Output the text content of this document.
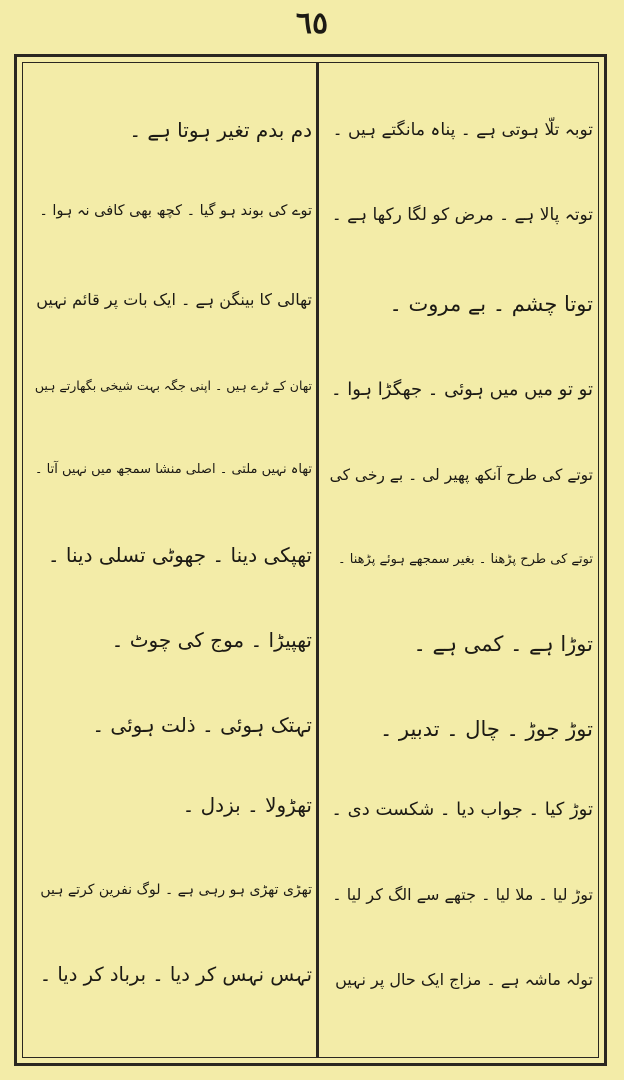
٦٥
توبہ تلّا ہوتی ہے ۔ پناہ مانگتے ہیں ۔
توتہ پالا ہے ۔ مرض کو لگا رکھا ہے ۔
توتا چشم ۔ بے مروت ۔
تو تو میں میں ہوئی ۔ جھگڑا ہوا ۔
توتے کی طرح آنکھ پھیر لی ۔ بے رخی کی
توتے کی طرح پڑھنا ۔ بغیر سمجھے ہوئے پڑھنا ۔
توڑا ہے ۔ کمی ہے ۔
توڑ جوڑ ۔ چال ۔ تدبیر ۔
توڑ کیا ۔ جواب دیا ۔ شکست دی ۔
توڑ لیا ۔ ملا لیا ۔ جتھے سے الگ کر لیا ۔
تولہ ماشہ ہے ۔ مزاج ایک حال پر نہیں
دم بدم تغیر ہوتا ہے ۔
توے کی بوند ہو گیا ۔ کچھ بھی کافی نہ ہوا ۔
تھالی کا بینگن ہے ۔ ایک بات پر قائم نہیں
تھان کے ٹرے ہیں ۔ اپنی جگہ بہت شیخی بگھارتے ہیں
تھاہ نہیں ملتی ۔ اصلی منشا سمجھ میں نہیں آتا ۔
تھپکی دینا ۔ جھوٹی تسلی دینا ۔
تھپیڑا ۔ موج کی چوٹ ۔
تہتک ہوئی ۔ ذلت ہوئی ۔
تھڑولا ۔ بزدل ۔
تھڑی تھڑی ہو رہی ہے ۔ لوگ نفرین کرتے ہیں
تہس نہس کر دیا ۔ برباد کر دیا ۔
